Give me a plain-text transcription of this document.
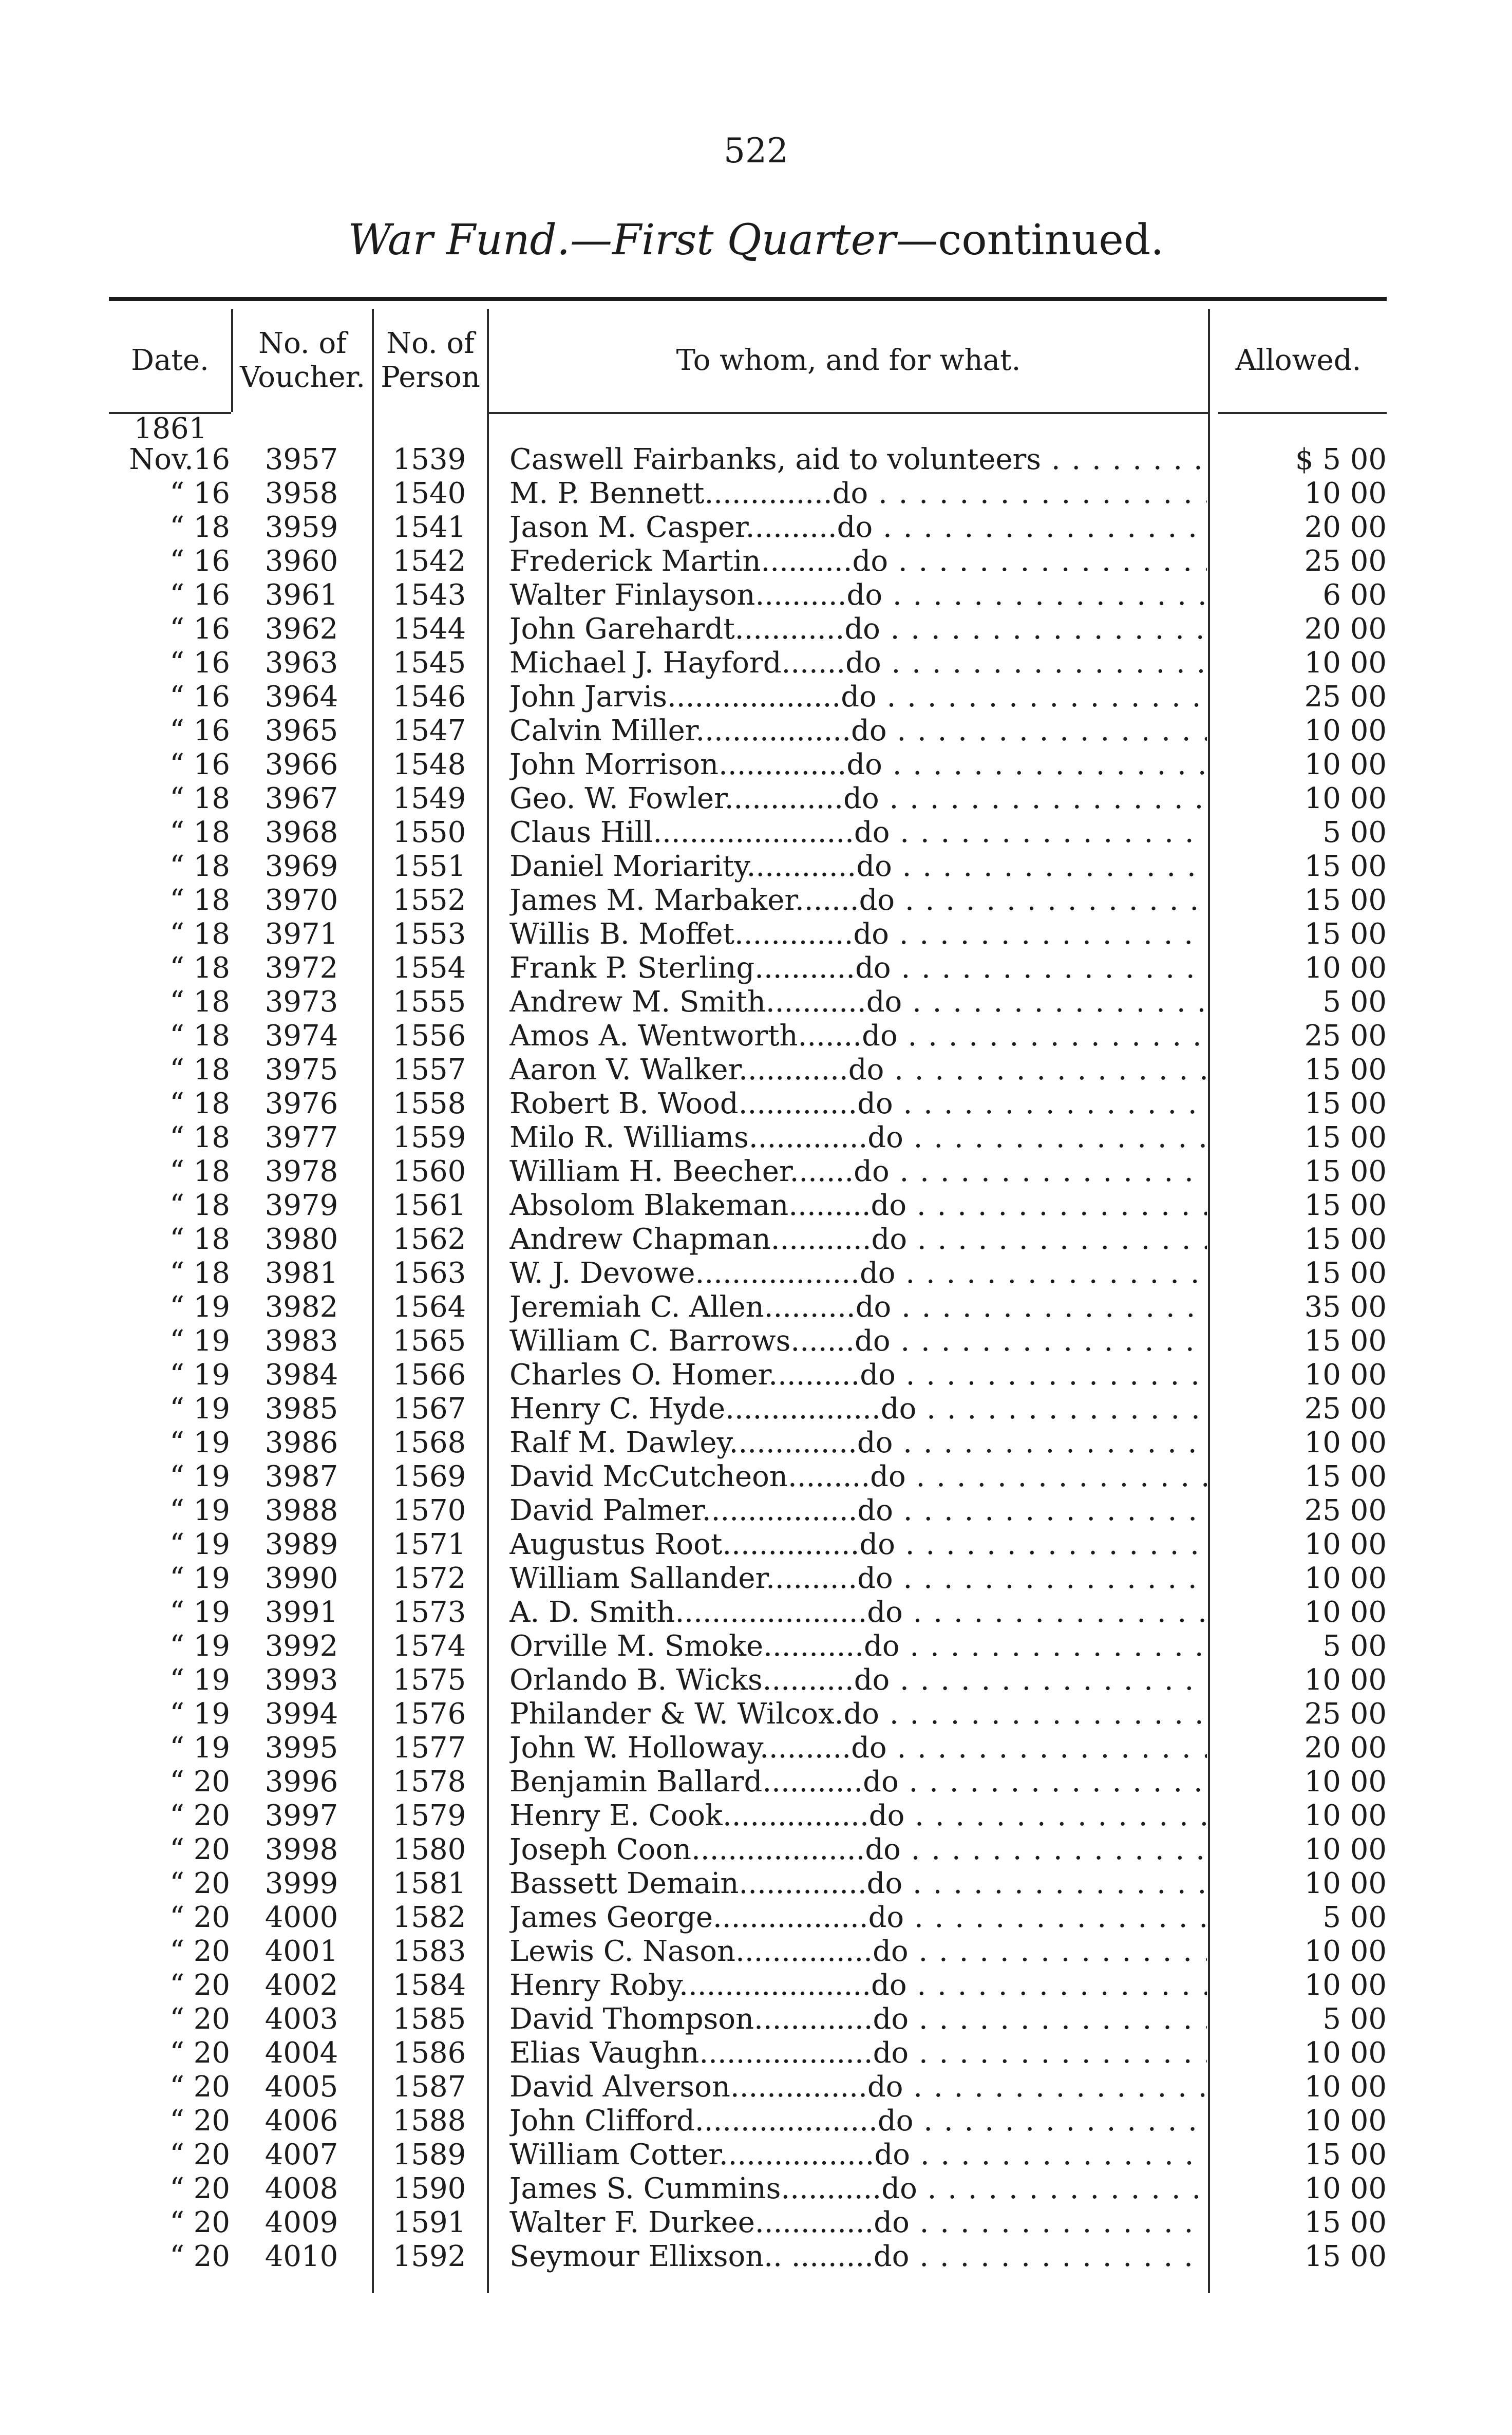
522
War Fund.—First Quarter—continued.
Date.
No. of
Voucher.
No. of
Person
To whom, and for what.	Allowed.
1861
Nov.16	3957	1539	Caswell Fairbanks, aid to volunteers . . .	$ 5 00
“ 16	3958	1540	M. P. Bennett..............do . . .	10 00
“ 18	3959	1541	Jason M. Casper..........do . . .	20 00
“ 16	3960	1542	Frederick Martin..........do . . .	25 00
“ 16	3961	1543	Walter Finlayson..........do . . .	6 00
“ 16	3962	1544	John Garehardt............do . . .	20 00
“ 16	3963	1545	Michael J. Hayford.......do . . .	10 00
“ 16	3964	1546	John Jarvis...................do . . .	25 00
“ 16	3965	1547	Calvin Miller.................do . . .	10 00
“ 16	3966	1548	John Morrison..............do . . .	10 00
“ 18	3967	1549	Geo. W. Fowler.............do . . .	10 00
“ 18	3968	1550	Claus Hill......................do . . .	5 00
“ 18	3969	1551	Daniel Moriarity............do . . .	15 00
“ 18	3970	1552	James M. Marbaker.......do . . .	15 00
“ 18	3971	1553	Willis B. Moffet.............do . . .	15 00
“ 18	3972	1554	Frank P. Sterling...........do . . .	10 00
“ 18	3973	1555	Andrew M. Smith...........do . . .	5 00
“ 18	3974	1556	Amos A. Wentworth.......do . . .	25 00
“ 18	3975	1557	Aaron V. Walker............do . . .	15 00
“ 18	3976	1558	Robert B. Wood.............do . . .	15 00
“ 18	3977	1559	Milo R. Williams.............do . . .	15 00
“ 18	3978	1560	William H. Beecher.......do . . .	15 00
“ 18	3979	1561	Absolom Blakeman.........do . . .	15 00
“ 18	3980	1562	Andrew Chapman...........do . . .	15 00
“ 18	3981	1563	W. J. Devowe..................do . . .	15 00
“ 19	3982	1564	Jeremiah C. Allen..........do . . .	35 00
“ 19	3983	1565	William C. Barrows.......do . . .	15 00
“ 19	3984	1566	Charles O. Homer..........do . . .	10 00
“ 19	3985	1567	Henry C. Hyde.................do . . .	25 00
“ 19	3986	1568	Ralf M. Dawley..............do . . .	10 00
“ 19	3987	1569	David McCutcheon.........do . . .	15 00
“ 19	3988	1570	David Palmer.................do . . .	25 00
“ 19	3989	1571	Augustus Root...............do . . .	10 00
“ 19	3990	1572	William Sallander..........do . . .	10 00
“ 19	3991	1573	A. D. Smith.....................do . . .	10 00
“ 19	3992	1574	Orville M. Smoke...........do . . .	5 00
“ 19	3993	1575	Orlando B. Wicks..........do . . .	10 00
“ 19	3994	1576	Philander & W. Wilcox.do . . .	25 00
“ 19	3995	1577	John W. Holloway..........do . . .	20 00
“ 20	3996	1578	Benjamin Ballard...........do . . .	10 00
“ 20	3997	1579	Henry E. Cook................do . . .	10 00
“ 20	3998	1580	Joseph Coon...................do . . .	10 00
“ 20	3999	1581	Bassett Demain..............do . . .	10 00
“ 20	4000	1582	James George.................do . . .	5 00
“ 20	4001	1583	Lewis C. Nason...............do . . .	10 00
“ 20	4002	1584	Henry Roby.....................do . . .	10 00
“ 20	4003	1585	David Thompson.............do . . .	5 00
“ 20	4004	1586	Elias Vaughn...................do . . .	10 00
“ 20	4005	1587	David Alverson...............do . . .	10 00
“ 20	4006	1588	John Clifford....................do . . .	10 00
“ 20	4007	1589	William Cotter.................do . . .	15 00
“ 20	4008	1590	James S. Cummins...........do . . .	10 00
“ 20	4009	1591	Walter F. Durkee.............do . . .	15 00
“ 20	4010	1592	Seymour Ellixson.. .........do . . .	15 00
